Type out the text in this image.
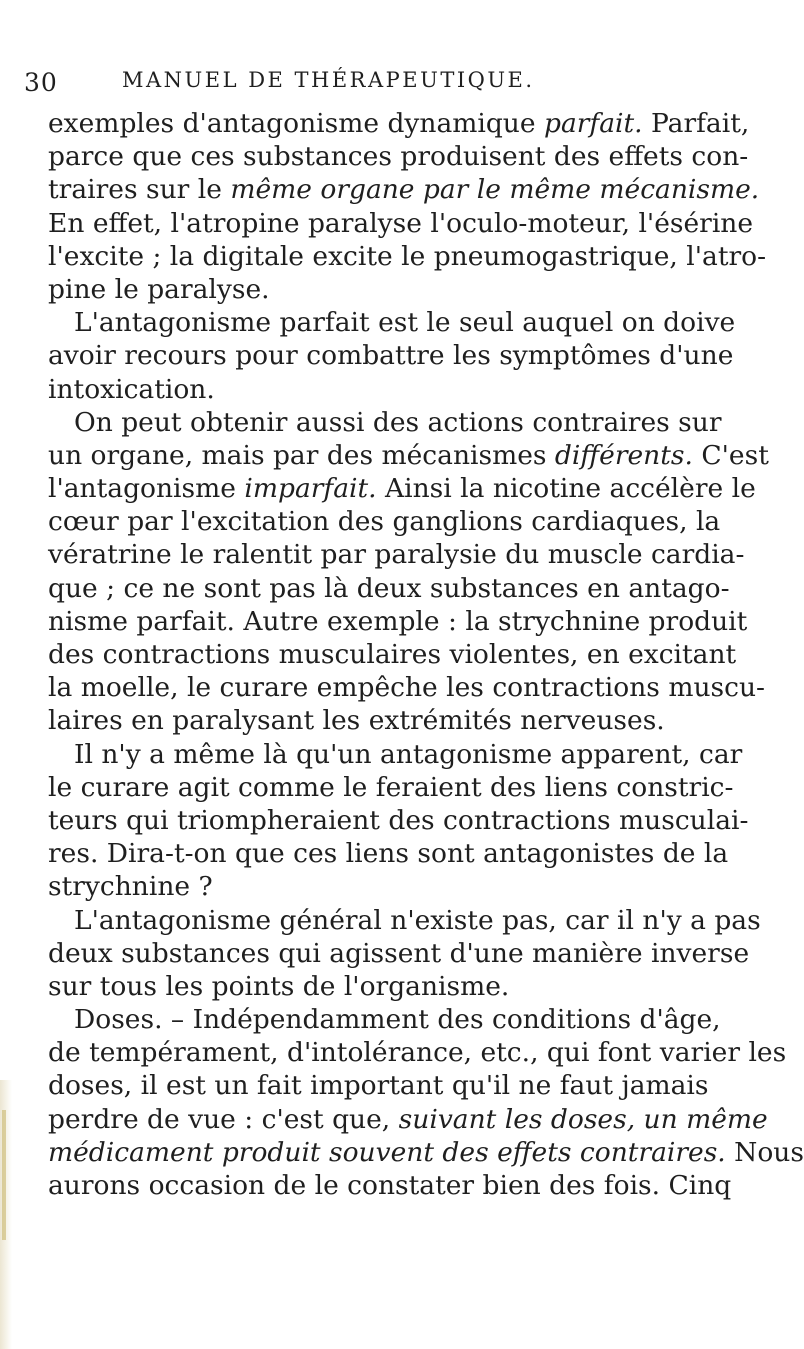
30	MANUEL DE THÉRAPEUTIQUE.
exemples d'antagonisme dynamique parfait. Parfait,
parce que ces substances produisent des effets con-
traires sur le même organe par le même mécanisme.
En effet, l'atropine paralyse l'oculo-moteur, l'ésérine
l'excite ; la digitale excite le pneumogastrique, l'atro-
pine le paralyse.
L'antagonisme parfait est le seul auquel on doive
avoir recours pour combattre les symptômes d'une
intoxication.
On peut obtenir aussi des actions contraires sur
un organe, mais par des mécanismes différents. C'est
l'antagonisme imparfait. Ainsi la nicotine accélère le
cœur par l'excitation des ganglions cardiaques, la
vératrine le ralentit par paralysie du muscle cardia-
que ; ce ne sont pas là deux substances en antago-
nisme parfait. Autre exemple : la strychnine produit
des contractions musculaires violentes, en excitant
la moelle, le curare empêche les contractions muscu-
laires en paralysant les extrémités nerveuses.
Il n'y a même là qu'un antagonisme apparent, car
le curare agit comme le feraient des liens constric-
teurs qui triompheraient des contractions musculai-
res. Dira-t-on que ces liens sont antagonistes de la
strychnine ?
L'antagonisme général n'existe pas, car il n'y a pas
deux substances qui agissent d'une manière inverse
sur tous les points de l'organisme.
Doses. – Indépendamment des conditions d'âge,
de tempérament, d'intolérance, etc., qui font varier les
doses, il est un fait important qu'il ne faut jamais
perdre de vue : c'est que, suivant les doses, un même
médicament produit souvent des effets contraires. Nous
aurons occasion de le constater bien des fois. Cinq
